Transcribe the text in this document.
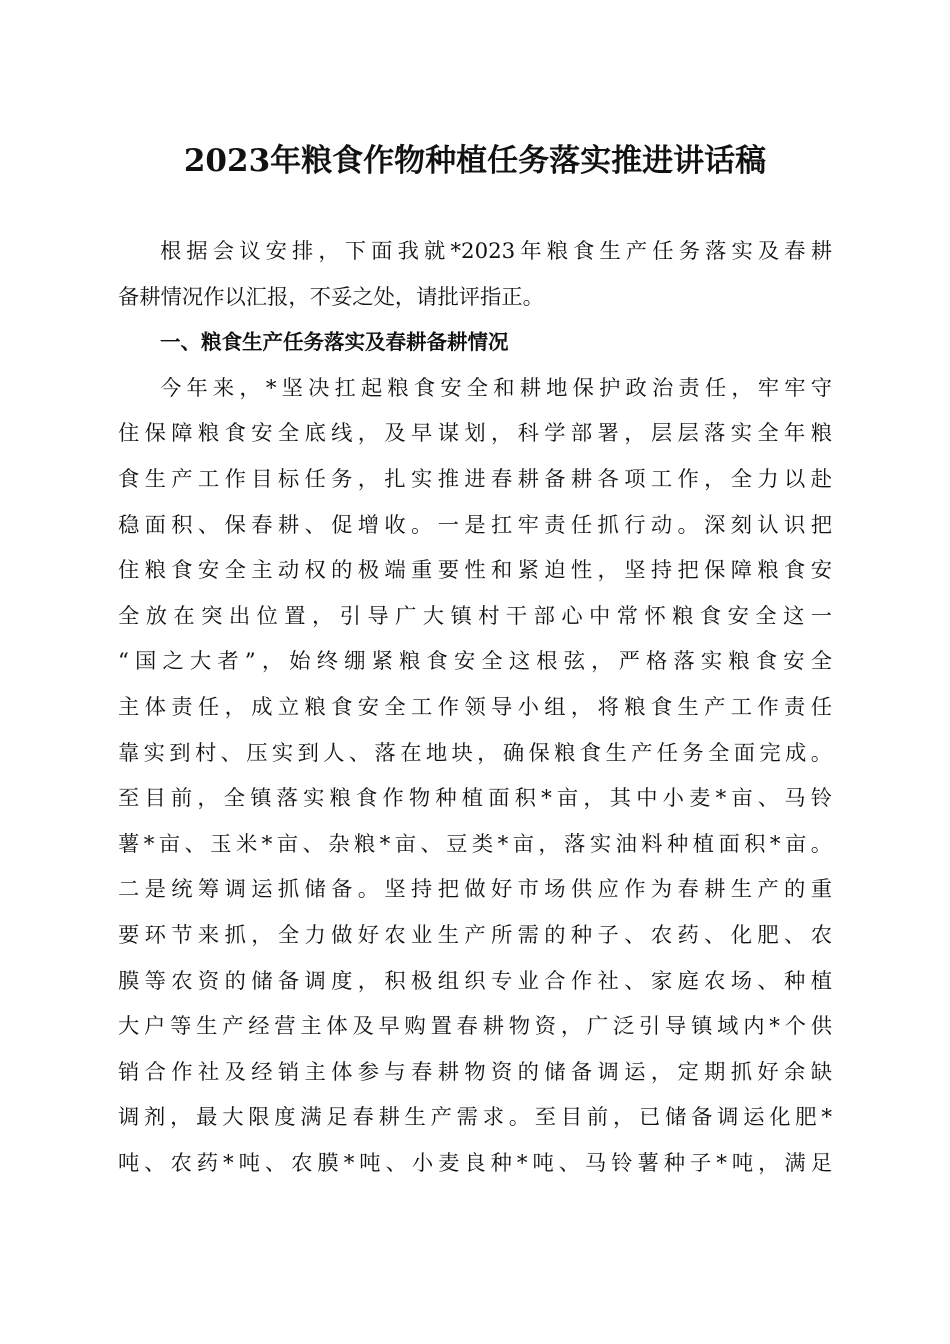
2023年粮食作物种植任务落实推进讲话稿
根据会议安排，下面我就*2023年粮食生产任务落实及春耕
备耕情况作以汇报，不妥之处，请批评指正。
一、粮食生产任务落实及春耕备耕情况
今年来，*坚决扛起粮食安全和耕地保护政治责任，牢牢守
住保障粮食安全底线，及早谋划，科学部署，层层落实全年粮
食生产工作目标任务，扎实推进春耕备耕各项工作，全力以赴
稳面积、保春耕、促增收。一是扛牢责任抓行动。深刻认识把
住粮食安全主动权的极端重要性和紧迫性，坚持把保障粮食安
全放在突出位置，引导广大镇村干部心中常怀粮食安全这一
“国之大者”，始终绷紧粮食安全这根弦，严格落实粮食安全
主体责任，成立粮食安全工作领导小组，将粮食生产工作责任
靠实到村、压实到人、落在地块，确保粮食生产任务全面完成。
至目前，全镇落实粮食作物种植面积*亩，其中小麦*亩、马铃
薯*亩、玉米*亩、杂粮*亩、豆类*亩，落实油料种植面积*亩。
二是统筹调运抓储备。坚持把做好市场供应作为春耕生产的重
要环节来抓，全力做好农业生产所需的种子、农药、化肥、农
膜等农资的储备调度，积极组织专业合作社、家庭农场、种植
大户等生产经营主体及早购置春耕物资，广泛引导镇域内*个供
销合作社及经销主体参与春耕物资的储备调运，定期抓好余缺
调剂，最大限度满足春耕生产需求。至目前，已储备调运化肥*
吨、农药*吨、农膜*吨、小麦良种*吨、马铃薯种子*吨，满足
